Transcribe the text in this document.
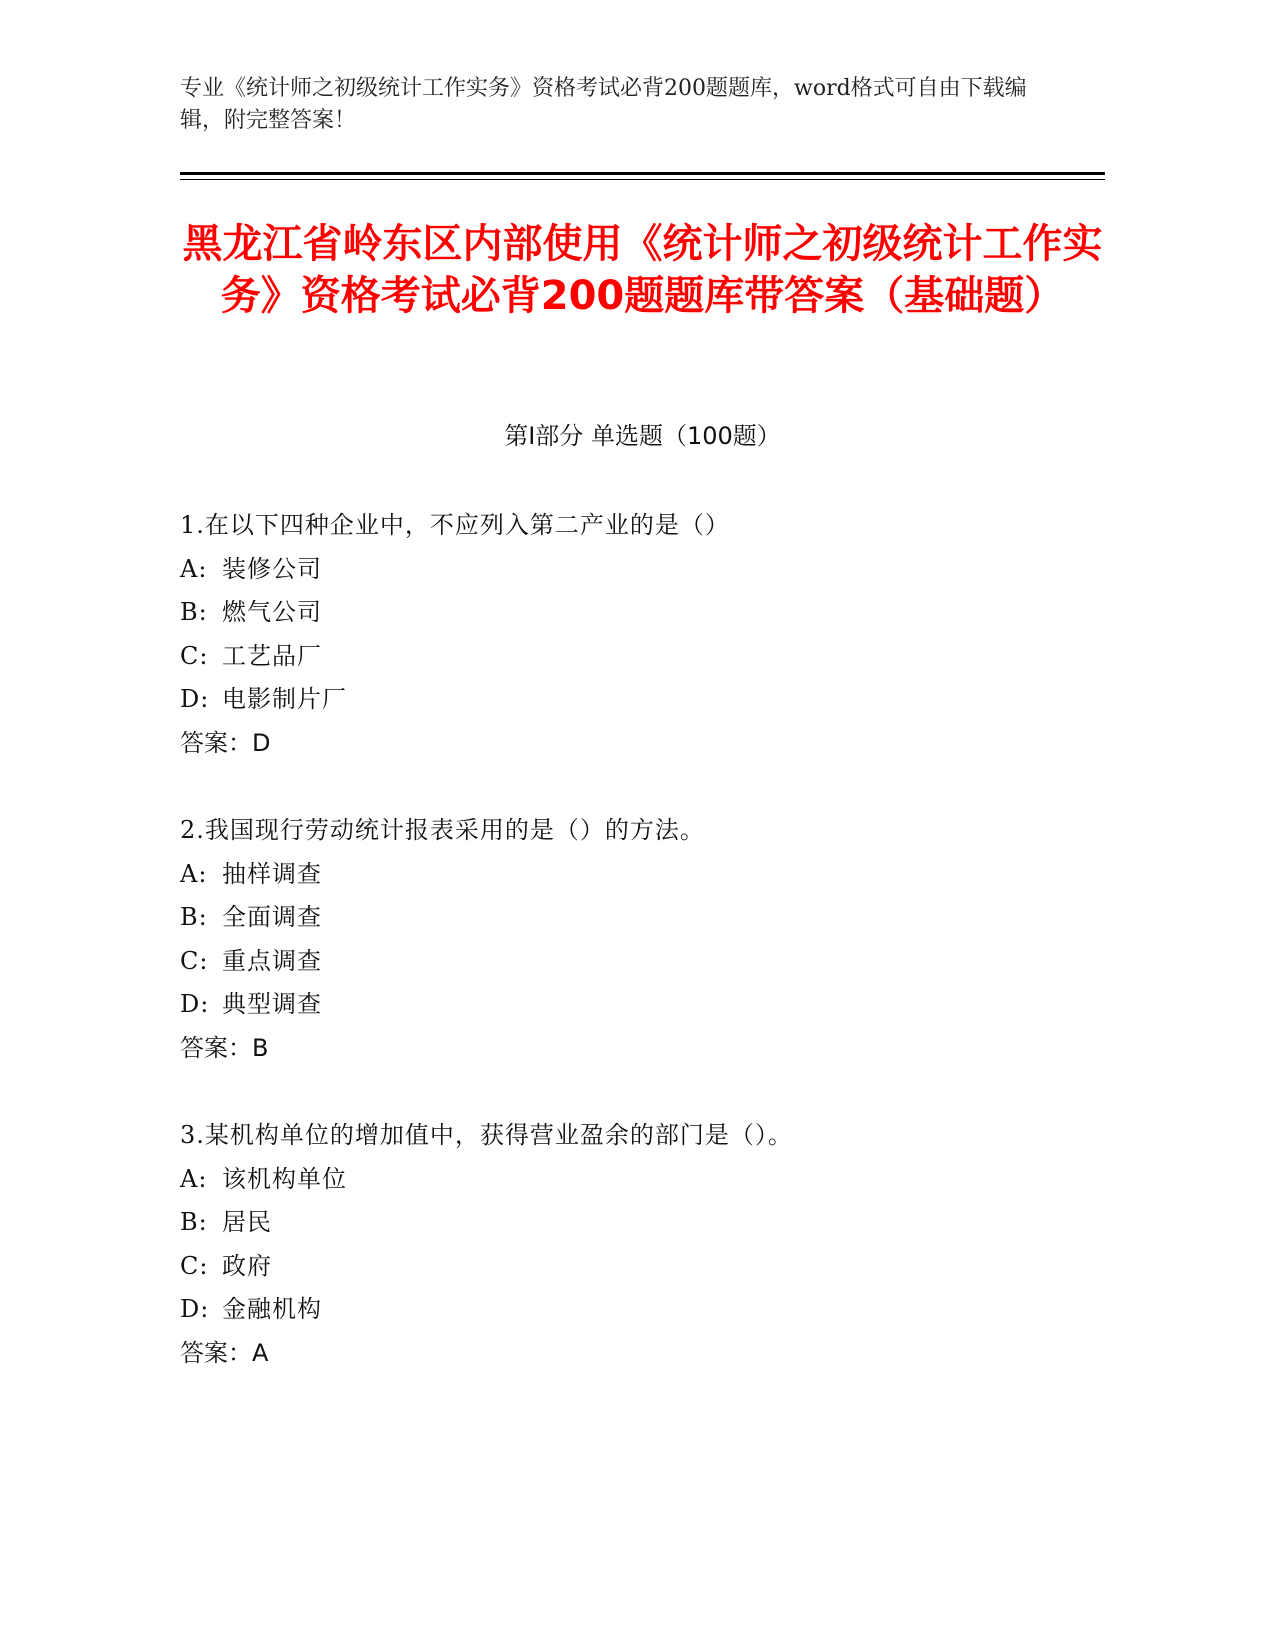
专业《统计师之初级统计工作实务》资格考试必背200题题库，word格式可自由下载编辑，附完整答案！
黑龙江省岭东区内部使用《统计师之初级统计工作实务》资格考试必背200题题库带答案（基础题）
第I部分 单选题（100题）
1.在以下四种企业中，不应列入第二产业的是（）
A: 装修公司
B: 燃气公司
C: 工艺品厂
D: 电影制片厂
答案：D
2.我国现行劳动统计报表采用的是（）的方法。
A: 抽样调查
B: 全面调查
C: 重点调查
D: 典型调查
答案：B
3.某机构单位的增加值中，获得营业盈余的部门是（）。
A: 该机构单位
B: 居民
C: 政府
D: 金融机构
答案：A
